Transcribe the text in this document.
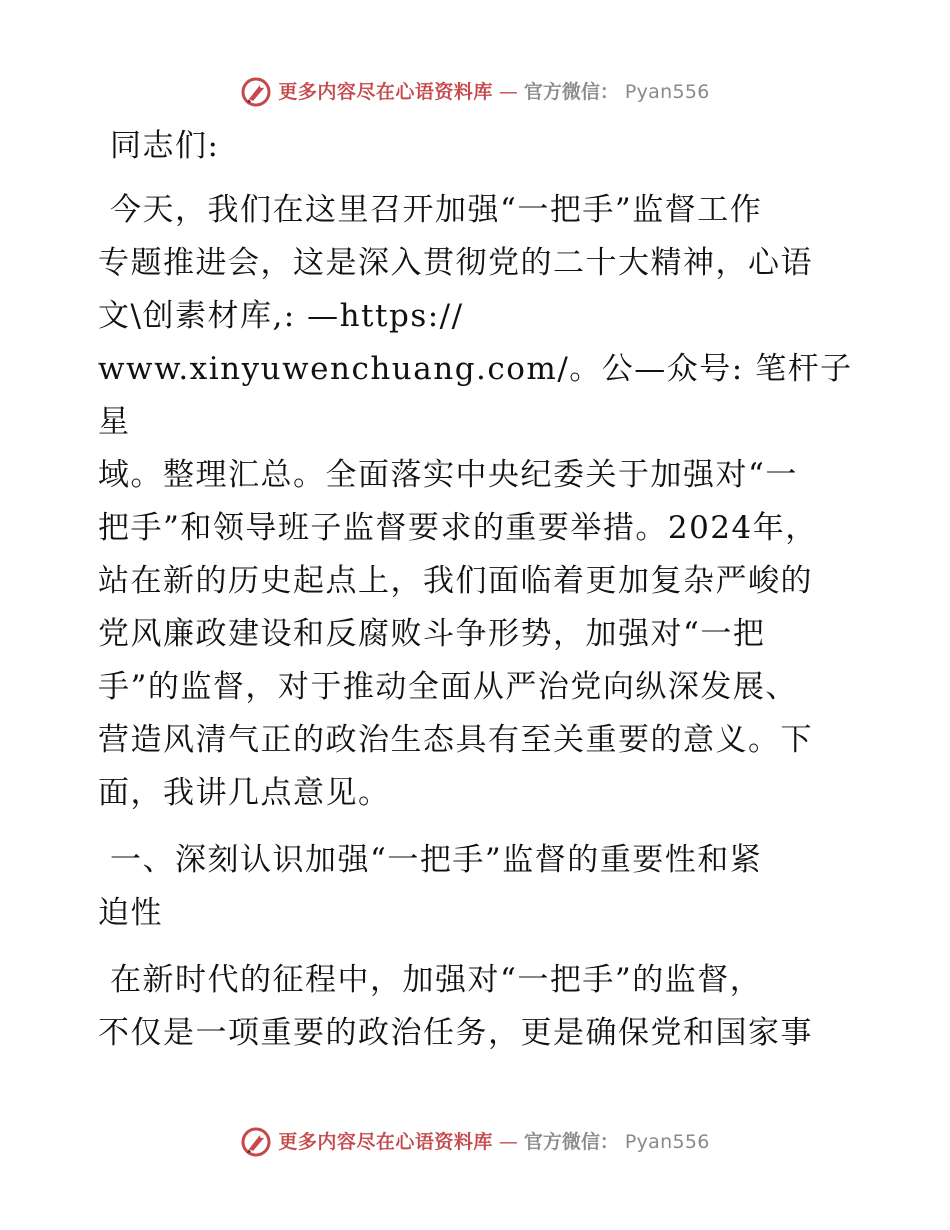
更多内容尽在心语资料库 — 官方微信： Pyan556

同志们:

今天，我们在这里召开加强“一把手”监督工作
专题推进会，这是深入贯彻党的二十大精神，心语
文\创素材库,: —https://
www.xinyuwenchuang.com/。公—众号: 笔杆子星
域。整理汇总。全面落实中央纪委关于加强对“一
把手”和领导班子监督要求的重要举措。2024年，
站在新的历史起点上，我们面临着更加复杂严峻的
党风廉政建设和反腐败斗争形势，加强对“一把
手”的监督，对于推动全面从严治党向纵深发展、
营造风清气正的政治生态具有至关重要的意义。下
面，我讲几点意见。

一、深刻认识加强“一把手”监督的重要性和紧
迫性

在新时代的征程中，加强对“一把手”的监督，
不仅是一项重要的政治任务，更是确保党和国家事

更多内容尽在心语资料库 — 官方微信： Pyan556
